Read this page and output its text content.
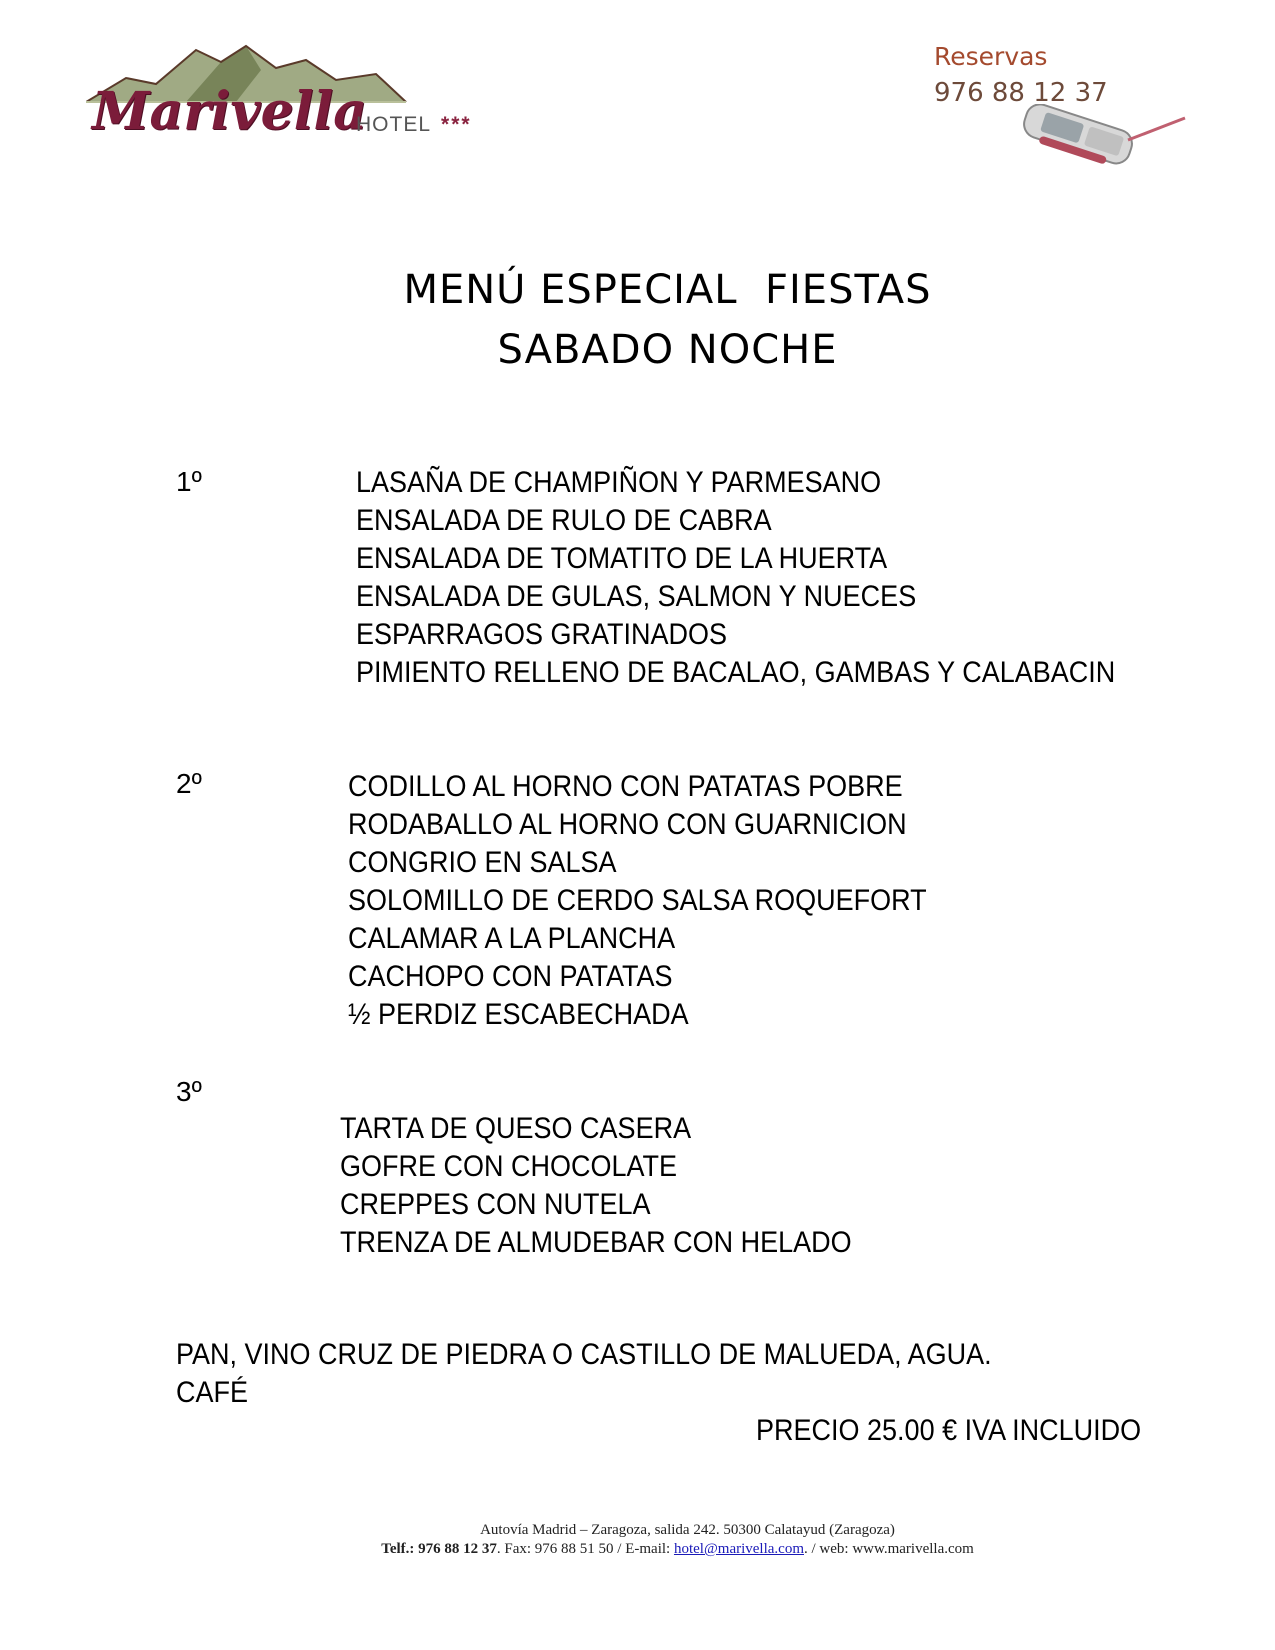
Marivella
HOTEL ***
Reservas
976 88 12 37
MENÚ ESPECIAL  FIESTAS
SABADO NOCHE
1º	LASAÑA DE CHAMPIÑON Y PARMESANO
ENSALADA DE RULO DE CABRA
ENSALADA DE TOMATITO DE LA HUERTA
ENSALADA DE GULAS, SALMON Y NUECES
ESPARRAGOS GRATINADOS
PIMIENTO RELLENO DE BACALAO, GAMBAS Y CALABACIN
2º	CODILLO AL HORNO CON PATATAS POBRE
RODABALLO AL HORNO CON GUARNICION
CONGRIO EN SALSA
SOLOMILLO DE CERDO SALSA ROQUEFORT
CALAMAR A LA PLANCHA
CACHOPO CON PATATAS
½ PERDIZ ESCABECHADA
3º
TARTA DE QUESO CASERA
GOFRE CON CHOCOLATE
CREPPES CON NUTELA
TRENZA DE ALMUDEBAR CON HELADO
PAN, VINO CRUZ DE PIEDRA O CASTILLO DE MALUEDA, AGUA.
CAFÉ
PRECIO 25.00 € IVA INCLUIDO
Autovía Madrid – Zaragoza, salida 242. 50300 Calatayud (Zaragoza)
Telf.: 976 88 12 37. Fax: 976 88 51 50 / E-mail: hotel@marivella.com. / web: www.marivella.com
